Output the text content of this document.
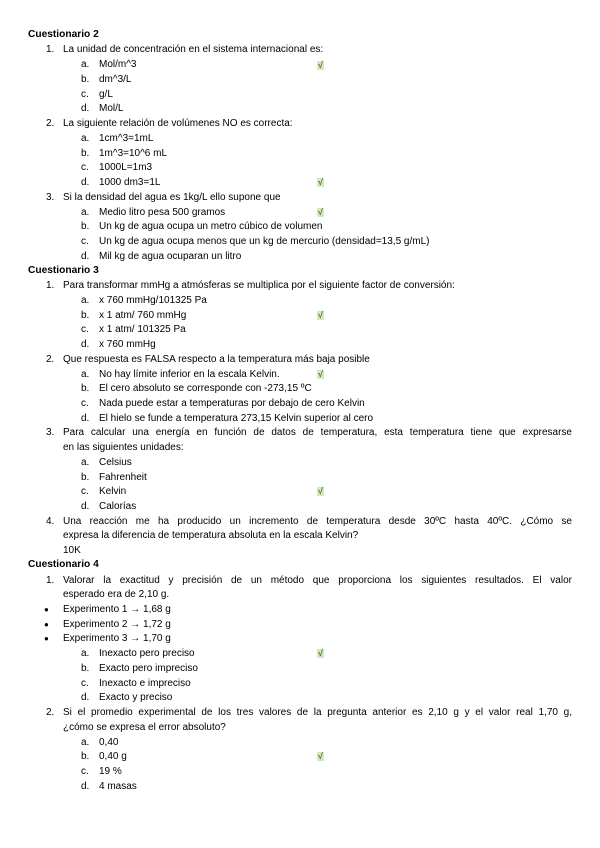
Cuestionario 2
1. La unidad de concentración en el sistema internacional es:
a. Mol/m^3	√
b. dm^3/L
c. g/L
d. Mol/L
2. La siguiente relación de volúmenes NO es correcta:
a. 1cm^3=1mL
b. 1m^3=10^6 mL
c. 1000L=1m3
d. 1000 dm3=1L	√
3. Si la densidad del agua es 1kg/L ello supone que
a. Medio litro pesa 500 gramos	√
b. Un kg de agua ocupa un metro cúbico de volumen
c. Un kg de agua ocupa menos que un kg de mercurio (densidad=13,5 g/mL)
d. Mil kg de agua ocuparan un litro
Cuestionario 3
1. Para transformar mmHg a atmósferas se multiplica por el siguiente factor de conversión:
a. x 760 mmHg/101325 Pa
b. x 1 atm/ 760 mmHg	√
c. x 1 atm/ 101325 Pa
d. x 760 mmHg
2. Que respuesta es FALSA respecto a la temperatura más baja posible
a. No hay límite inferior en la escala Kelvin.	√
b. El cero absoluto se corresponde con -273,15 ºC
c. Nada puede estar a temperaturas por debajo de cero Kelvin
d. El hielo se funde a temperatura 273,15 Kelvin superior al cero
3. Para calcular una energía en función de datos de temperatura, esta temperatura tiene que expresarse
en las siguientes unidades:
a. Celsius
b. Fahrenheit
c. Kelvin	√
d. Calorías
4. Una reacción me ha producido un incremento de temperatura desde 30ºC hasta 40ºC. ¿Cómo se
expresa la diferencia de temperatura absoluta en la escala Kelvin?
10K
Cuestionario 4
1. Valorar la exactitud y precisión de un método que proporciona los siguientes resultados. El valor
esperado era de 2,10 g.
● Experimento 1 → 1,68 g
● Experimento 2 → 1,72 g
● Experimento 3 → 1,70 g
a. Inexacto pero preciso	√
b. Exacto pero impreciso
c. Inexacto e impreciso
d. Exacto y preciso
2. Si el promedio experimental de los tres valores de la pregunta anterior es 2,10 g y el valor real 1,70 g,
¿cómo se expresa el error absoluto?
a. 0,40
b. 0,40 g	√
c. 19 %
d. 4 masas
